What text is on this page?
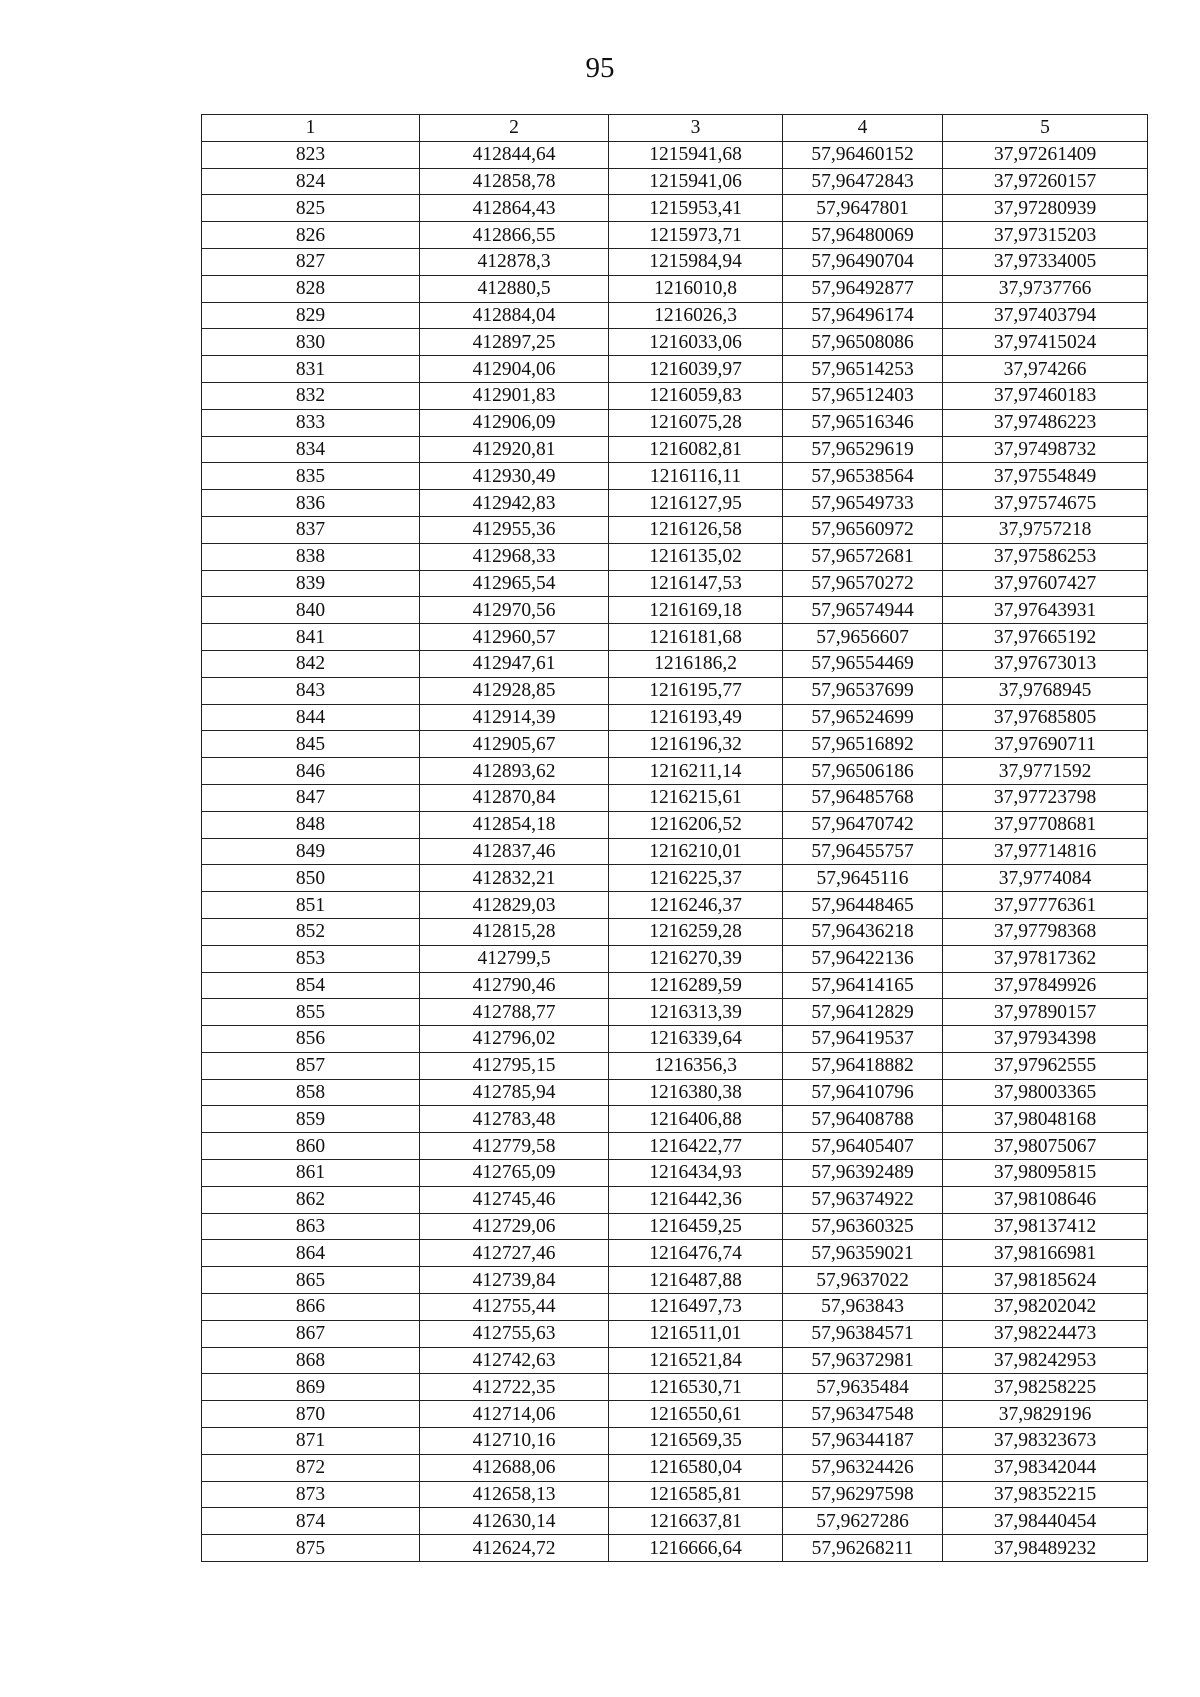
95
1	2	3	4	5
823	412844,64	1215941,68	57,96460152	37,97261409
824	412858,78	1215941,06	57,96472843	37,97260157
825	412864,43	1215953,41	57,9647801	37,97280939
826	412866,55	1215973,71	57,96480069	37,97315203
827	412878,3	1215984,94	57,96490704	37,97334005
828	412880,5	1216010,8	57,96492877	37,9737766
829	412884,04	1216026,3	57,96496174	37,97403794
830	412897,25	1216033,06	57,96508086	37,97415024
831	412904,06	1216039,97	57,96514253	37,974266
832	412901,83	1216059,83	57,96512403	37,97460183
833	412906,09	1216075,28	57,96516346	37,97486223
834	412920,81	1216082,81	57,96529619	37,97498732
835	412930,49	1216116,11	57,96538564	37,97554849
836	412942,83	1216127,95	57,96549733	37,97574675
837	412955,36	1216126,58	57,96560972	37,9757218
838	412968,33	1216135,02	57,96572681	37,97586253
839	412965,54	1216147,53	57,96570272	37,97607427
840	412970,56	1216169,18	57,96574944	37,97643931
841	412960,57	1216181,68	57,9656607	37,97665192
842	412947,61	1216186,2	57,96554469	37,97673013
843	412928,85	1216195,77	57,96537699	37,9768945
844	412914,39	1216193,49	57,96524699	37,97685805
845	412905,67	1216196,32	57,96516892	37,97690711
846	412893,62	1216211,14	57,96506186	37,9771592
847	412870,84	1216215,61	57,96485768	37,97723798
848	412854,18	1216206,52	57,96470742	37,97708681
849	412837,46	1216210,01	57,96455757	37,97714816
850	412832,21	1216225,37	57,9645116	37,9774084
851	412829,03	1216246,37	57,96448465	37,97776361
852	412815,28	1216259,28	57,96436218	37,97798368
853	412799,5	1216270,39	57,96422136	37,97817362
854	412790,46	1216289,59	57,96414165	37,97849926
855	412788,77	1216313,39	57,96412829	37,97890157
856	412796,02	1216339,64	57,96419537	37,97934398
857	412795,15	1216356,3	57,96418882	37,97962555
858	412785,94	1216380,38	57,96410796	37,98003365
859	412783,48	1216406,88	57,96408788	37,98048168
860	412779,58	1216422,77	57,96405407	37,98075067
861	412765,09	1216434,93	57,96392489	37,98095815
862	412745,46	1216442,36	57,96374922	37,98108646
863	412729,06	1216459,25	57,96360325	37,98137412
864	412727,46	1216476,74	57,96359021	37,98166981
865	412739,84	1216487,88	57,9637022	37,98185624
866	412755,44	1216497,73	57,963843	37,98202042
867	412755,63	1216511,01	57,96384571	37,98224473
868	412742,63	1216521,84	57,96372981	37,98242953
869	412722,35	1216530,71	57,9635484	37,98258225
870	412714,06	1216550,61	57,96347548	37,9829196
871	412710,16	1216569,35	57,96344187	37,98323673
872	412688,06	1216580,04	57,96324426	37,98342044
873	412658,13	1216585,81	57,96297598	37,98352215
874	412630,14	1216637,81	57,9627286	37,98440454
875	412624,72	1216666,64	57,96268211	37,98489232
